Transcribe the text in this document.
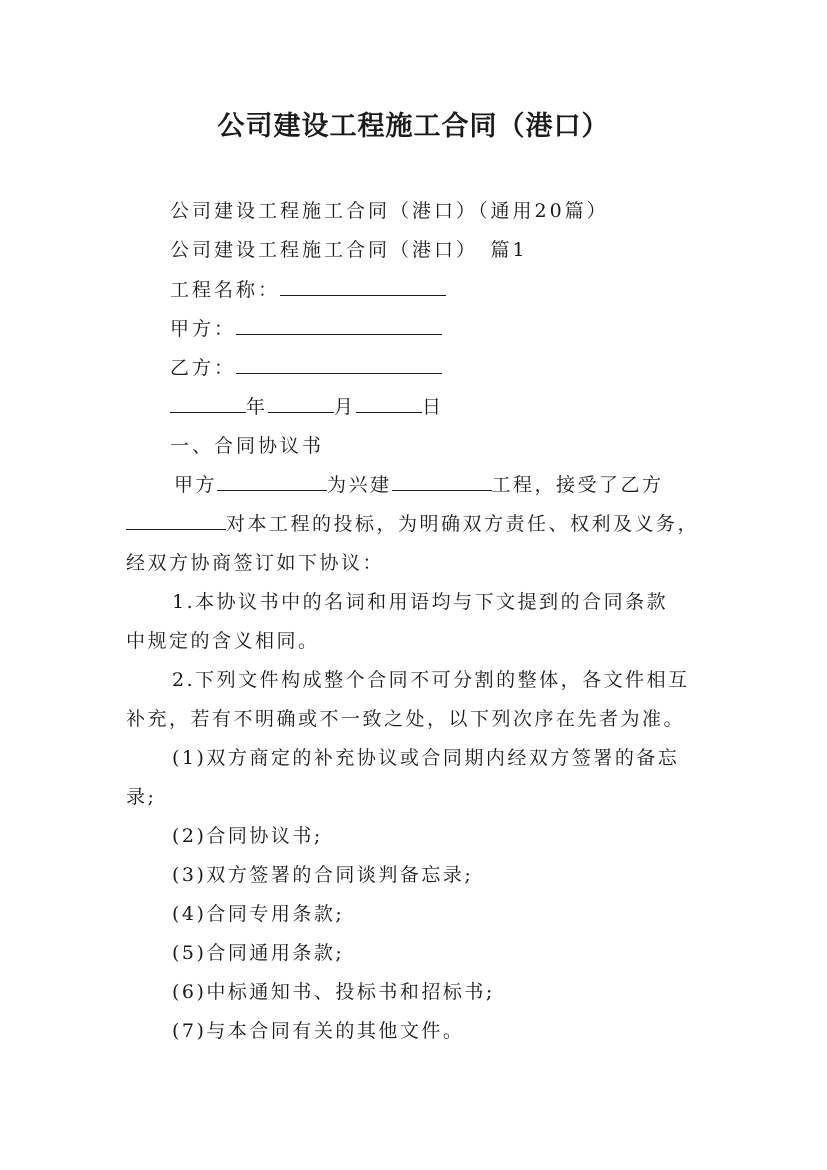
公司建设工程施工合同（港口）
公司建设工程施工合同（港口）（通用20篇）
公司建设工程施工合同（港口）　篇1
工程名称：
甲方：
乙方：
年	月	日
一、合同协议书
甲方	为兴建	工程，接受了乙方
对本工程的投标，为明确双方责任、权利及义务，
经双方协商签订如下协议：
1.本协议书中的名词和用语均与下文提到的合同条款
中规定的含义相同。
2.下列文件构成整个合同不可分割的整体，各文件相互
补充，若有不明确或不一致之处，以下列次序在先者为准。
(1)双方商定的补充协议或合同期内经双方签署的备忘
录;
(2)合同协议书;
(3)双方签署的合同谈判备忘录;
(4)合同专用条款;
(5)合同通用条款;
(6)中标通知书、投标书和招标书;
(7)与本合同有关的其他文件。
